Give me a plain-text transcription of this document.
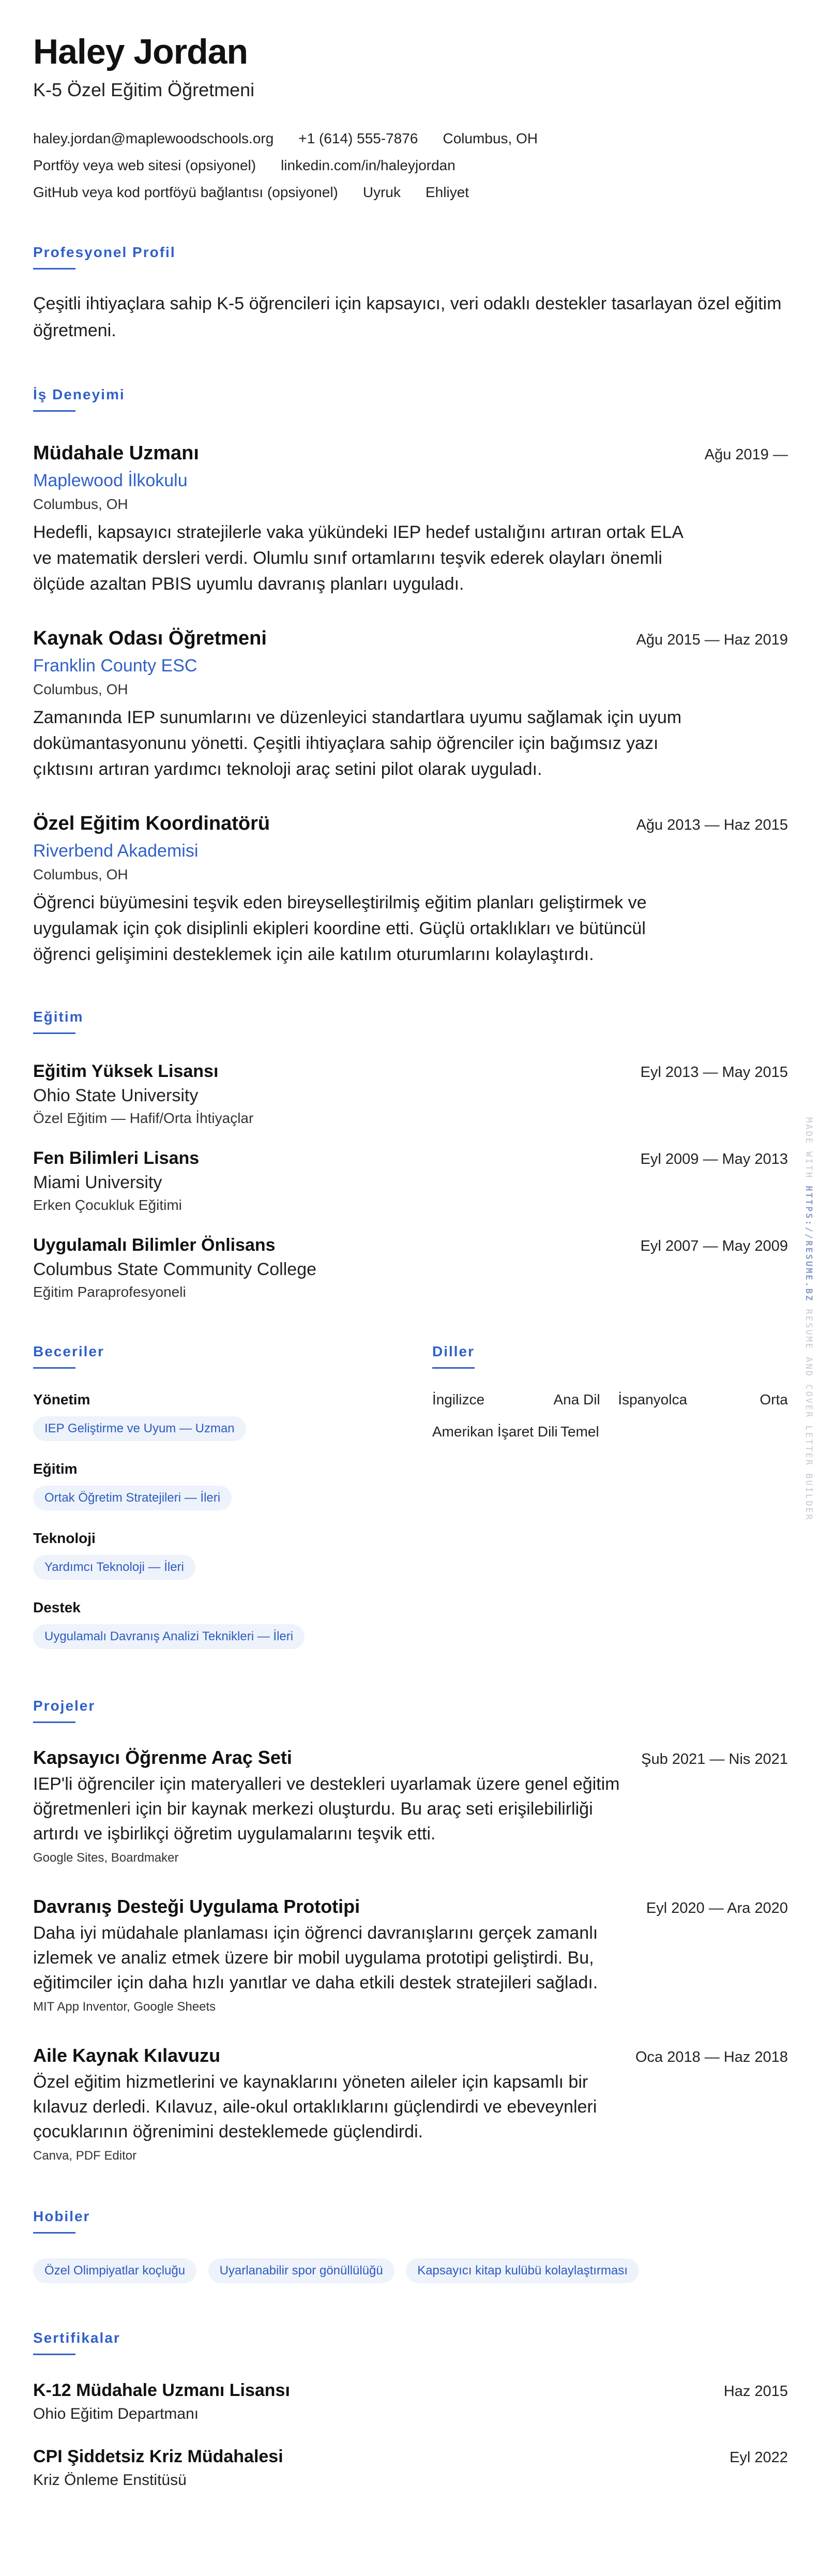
Haley Jordan
K-5 Özel Eğitim Öğretmeni
haley.jordan@maplewoodschools.org +1 (614) 555-7876 Columbus, OH
Portföy veya web sitesi (opsiyonel) linkedin.com/in/haleyjordan
GitHub veya kod portföyü bağlantısı (opsiyonel) Uyruk Ehliyet
Profesyonel Profil
Çeşitli ihtiyaçlara sahip K-5 öğrencileri için kapsayıcı, veri odaklı destekler tasarlayan özel eğitim öğretmeni.
İş Deneyimi
Müdahale Uzmanı	Ağu 2019 —
Maplewood İlkokulu
Columbus, OH
Hedefli, kapsayıcı stratejilerle vaka yükündeki IEP hedef ustalığını artıran ortak ELA ve matematik dersleri verdi. Olumlu sınıf ortamlarını teşvik ederek olayları önemli ölçüde azaltan PBIS uyumlu davranış planları uyguladı.
Kaynak Odası Öğretmeni	Ağu 2015 — Haz 2019
Franklin County ESC
Columbus, OH
Zamanında IEP sunumlarını ve düzenleyici standartlara uyumu sağlamak için uyum dokümantasyonunu yönetti. Çeşitli ihtiyaçlara sahip öğrenciler için bağımsız yazı çıktısını artıran yardımcı teknoloji araç setini pilot olarak uyguladı.
Özel Eğitim Koordinatörü	Ağu 2013 — Haz 2015
Riverbend Akademisi
Columbus, OH
Öğrenci büyümesini teşvik eden bireyselleştirilmiş eğitim planları geliştirmek ve uygulamak için çok disiplinli ekipleri koordine etti. Güçlü ortaklıkları ve bütüncül öğrenci gelişimini desteklemek için aile katılım oturumlarını kolaylaştırdı.
Eğitim
Eğitim Yüksek Lisansı	Eyl 2013 — May 2015
Ohio State University
Özel Eğitim — Hafif/Orta İhtiyaçlar
Fen Bilimleri Lisans	Eyl 2009 — May 2013
Miami University
Erken Çocukluk Eğitimi
Uygulamalı Bilimler Önlisans	Eyl 2007 — May 2009
Columbus State Community College
Eğitim Paraprofesyoneli
Beceriler
Yönetim
IEP Geliştirme ve Uyum — Uzman
Eğitim
Ortak Öğretim Stratejileri — İleri
Teknoloji
Yardımcı Teknoloji — İleri
Destek
Uygulamalı Davranış Analizi Teknikleri — İleri
Diller
İngilizce	Ana Dil	İspanyolca	Orta
Amerikan İşaret Dili Temel
Projeler
Kapsayıcı Öğrenme Araç Seti	Şub 2021 — Nis 2021
IEP'li öğrenciler için materyalleri ve destekleri uyarlamak üzere genel eğitim öğretmenleri için bir kaynak merkezi oluşturdu. Bu araç seti erişilebilirliği artırdı ve işbirlikçi öğretim uygulamalarını teşvik etti.
Google Sites, Boardmaker
Davranış Desteği Uygulama Prototipi	Eyl 2020 — Ara 2020
Daha iyi müdahale planlaması için öğrenci davranışlarını gerçek zamanlı izlemek ve analiz etmek üzere bir mobil uygulama prototipi geliştirdi. Bu, eğitimciler için daha hızlı yanıtlar ve daha etkili destek stratejileri sağladı.
MIT App Inventor, Google Sheets
Aile Kaynak Kılavuzu	Oca 2018 — Haz 2018
Özel eğitim hizmetlerini ve kaynaklarını yöneten aileler için kapsamlı bir kılavuz derledi. Kılavuz, aile-okul ortaklıklarını güçlendirdi ve ebeveynleri çocuklarının öğrenimini desteklemede güçlendirdi.
Canva, PDF Editor
Hobiler
Özel Olimpiyatlar koçluğu	Uyarlanabilir spor gönüllülüğü	Kapsayıcı kitap kulübü kolaylaştırması
Sertifikalar
K-12 Müdahale Uzmanı Lisansı	Haz 2015
Ohio Eğitim Departmanı
CPI Şiddetsiz Kriz Müdahalesi	Eyl 2022
Kriz Önleme Enstitüsü
MADE WITH HTTPS://RESUME.BZ RESUME AND COVER LETTER BUILDER
